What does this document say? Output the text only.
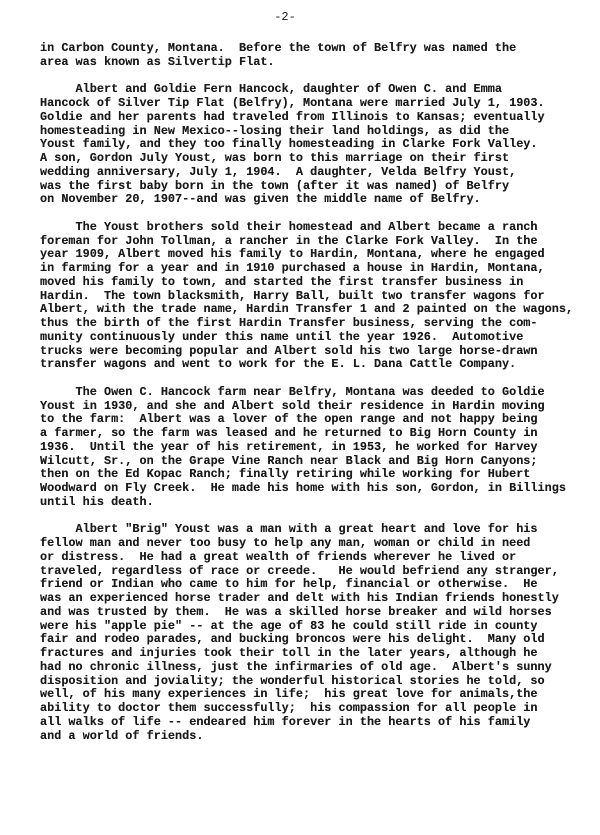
-2-
in Carbon County, Montana.  Before the town of Belfry was named the
area was known as Silvertip Flat.
Albert and Goldie Fern Hancock, daughter of Owen C. and Emma
Hancock of Silver Tip Flat (Belfry), Montana were married July 1, 1903.
Goldie and her parents had traveled from Illinois to Kansas; eventually
homesteading in New Mexico--losing their land holdings, as did the
Youst family, and they too finally homesteading in Clarke Fork Valley.
A son, Gordon July Youst, was born to this marriage on their first
wedding anniversary, July 1, 1904.  A daughter, Velda Belfry Youst,
was the first baby born in the town (after it was named) of Belfry
on November 20, 1907--and was given the middle name of Belfry.
The Youst brothers sold their homestead and Albert became a ranch
foreman for John Tollman, a rancher in the Clarke Fork Valley.  In the
year 1909, Albert moved his family to Hardin, Montana, where he engaged
in farming for a year and in 1910 purchased a house in Hardin, Montana,
moved his family to town, and started the first transfer business in
Hardin.  The town blacksmith, Harry Ball, built two transfer wagons for
Albert, with the trade name, Hardin Transfer 1 and 2 painted on the wagons,
thus the birth of the first Hardin Transfer business, serving the com-
munity continuously under this name until the year 1926.  Automotive
trucks were becoming popular and Albert sold his two large horse-drawn
transfer wagons and went to work for the E. L. Dana Cattle Company.
The Owen C. Hancock farm near Belfry, Montana was deeded to Goldie
Youst in 1930, and she and Albert sold their residence in Hardin moving
to the farm:  Albert was a lover of the open range and not happy being
a farmer, so the farm was leased and he returned to Big Horn County in
1936.  Until the year of his retirement, in 1953, he worked for Harvey
Wilcutt, Sr., on the Grape Vine Ranch near Black and Big Horn Canyons;
then on the Ed Kopac Ranch; finally retiring while working for Hubert
Woodward on Fly Creek.  He made his home with his son, Gordon, in Billings
until his death.
Albert "Brig" Youst was a man with a great heart and love for his
fellow man and never too busy to help any man, woman or child in need
or distress.  He had a great wealth of friends wherever he lived or
traveled, regardless of race or creede.   He would befriend any stranger,
friend or Indian who came to him for help, financial or otherwise.  He
was an experienced horse trader and delt with his Indian friends honestly
and was trusted by them.  He was a skilled horse breaker and wild horses
were his "apple pie" -- at the age of 83 he could still ride in county
fair and rodeo parades, and bucking broncos were his delight.  Many old
fractures and injuries took their toll in the later years, although he
had no chronic illness, just the infirmaries of old age.  Albert's sunny
disposition and joviality; the wonderful historical stories he told, so
well, of his many experiences in life;  his great love for animals,the
ability to doctor them successfully;  his compassion for all people in
all walks of life -- endeared him forever in the hearts of his family
and a world of friends.
